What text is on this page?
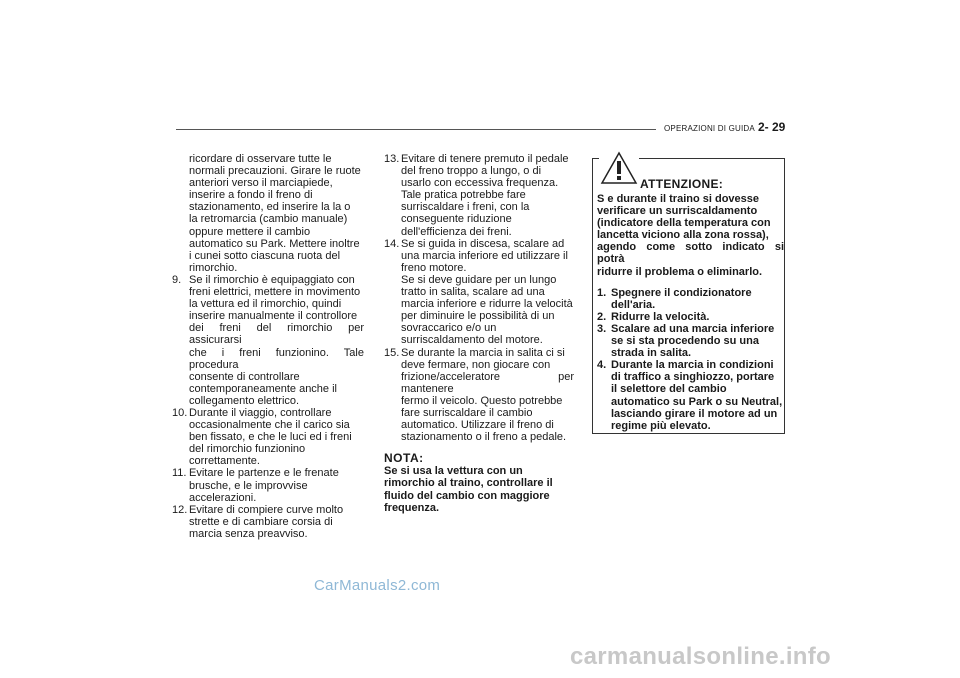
OPERAZIONI DI GUIDA 2- 29
ricordare di osservare tutte le
normali precauzioni. Girare le ruote
anteriori verso il marciapiede,
inserire a fondo il freno di
stazionamento, ed inserire la la o
la retromarcia (cambio manuale)
oppure mettere il cambio
automatico su Park. Mettere inoltre
i cunei sotto ciascuna ruota del
rimorchio.
9. Se il rimorchio è equipaggiato con
freni elettrici, mettere in movimento
la vettura ed il rimorchio, quindi
inserire manualmente il controllore
dei freni del rimorchio per assicurarsi
che i freni funzionino. Tale procedura
consente di controllare
contemporaneamente anche il
collegamento elettrico.
10. Durante il viaggio, controllare
occasionalmente che il carico sia
ben fissato, e che le luci ed i freni
del rimorchio funzionino
correttamente.
11. Evitare le partenze e le frenate
brusche, e le improvvise
accelerazioni.
12. Evitare di compiere curve molto
strette e di cambiare corsia di
marcia senza preavviso.
13. Evitare di tenere premuto il pedale
del freno troppo a lungo, o di
usarlo con eccessiva frequenza.
Tale pratica potrebbe fare
surriscaldare i freni, con la
conseguente riduzione
dell'efficienza dei freni.
14. Se si guida in discesa, scalare ad
una marcia inferiore ed utilizzare il
freno motore.
Se si deve guidare per un lungo
tratto in salita, scalare ad una
marcia inferiore e ridurre la velocità
per diminuire le possibilità di un
sovraccarico e/o un
surriscaldamento del motore.
15. Se durante la marcia in salita ci si
deve fermare, non giocare con
frizione/acceleratore per mantenere
fermo il veicolo. Questo potrebbe
fare surriscaldare il cambio
automatico. Utilizzare il freno di
stazionamento o il freno a pedale.
NOTA:
Se si usa la vettura con un
rimorchio al traino, controllare il
fluido del cambio con maggiore
frequenza.
ATTENZIONE:
S e durante il traino si dovesse
verificare un surriscaldamento
(indicatore della temperatura con
lancetta viciono alla zona rossa),
agendo come sotto indicato si potrà
ridurre il problema o eliminarlo.
1. Spegnere il condizionatore
dell'aria.
2. Ridurre la velocità.
3. Scalare ad una marcia inferiore
se si sta procedendo su una
strada in salita.
4. Durante la marcia in condizioni
di traffico a singhiozzo, portare
il selettore del cambio
automatico su Park o su Neutral,
lasciando girare il motore ad un
regime più elevato.
CarManuals2.com
carmanualsonline.info
